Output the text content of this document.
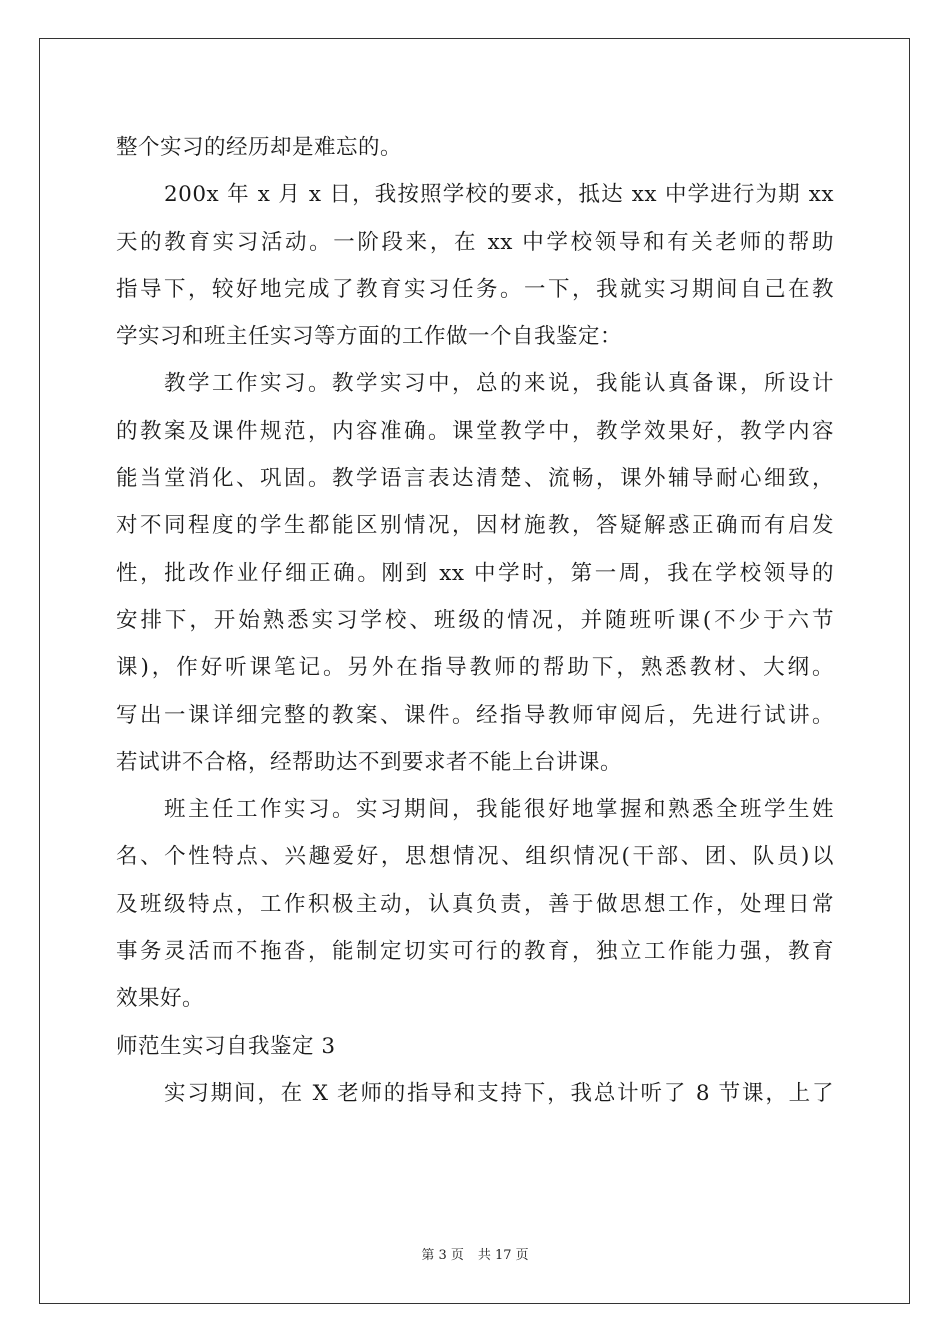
整个实习的经历却是难忘的。
200x 年 x 月 x 日，我按照学校的要求，抵达 xx 中学进行为期 xx
天的教育实习活动。一阶段来，在 xx 中学校领导和有关老师的帮助
指导下，较好地完成了教育实习任务。一下，我就实习期间自己在教
学实习和班主任实习等方面的工作做一个自我鉴定：
教学工作实习。教学实习中，总的来说，我能认真备课，所设计
的教案及课件规范，内容准确。课堂教学中，教学效果好，教学内容
能当堂消化、巩固。教学语言表达清楚、流畅，课外辅导耐心细致，
对不同程度的学生都能区别情况，因材施教，答疑解惑正确而有启发
性，批改作业仔细正确。刚到 xx 中学时，第一周，我在学校领导的
安排下，开始熟悉实习学校、班级的情况，并随班听课(不少于六节
课)，作好听课笔记。另外在指导教师的帮助下，熟悉教材、大纲。
写出一课详细完整的教案、课件。经指导教师审阅后，先进行试讲。
若试讲不合格，经帮助达不到要求者不能上台讲课。
班主任工作实习。实习期间，我能很好地掌握和熟悉全班学生姓
名、个性特点、兴趣爱好，思想情况、组织情况(干部、团、队员)以
及班级特点，工作积极主动，认真负责，善于做思想工作，处理日常
事务灵活而不拖沓，能制定切实可行的教育，独立工作能力强，教育
效果好。
师范生实习自我鉴定 3
实习期间，在 X 老师的指导和支持下，我总计听了 8 节课，上了
第 3 页 共 17 页
